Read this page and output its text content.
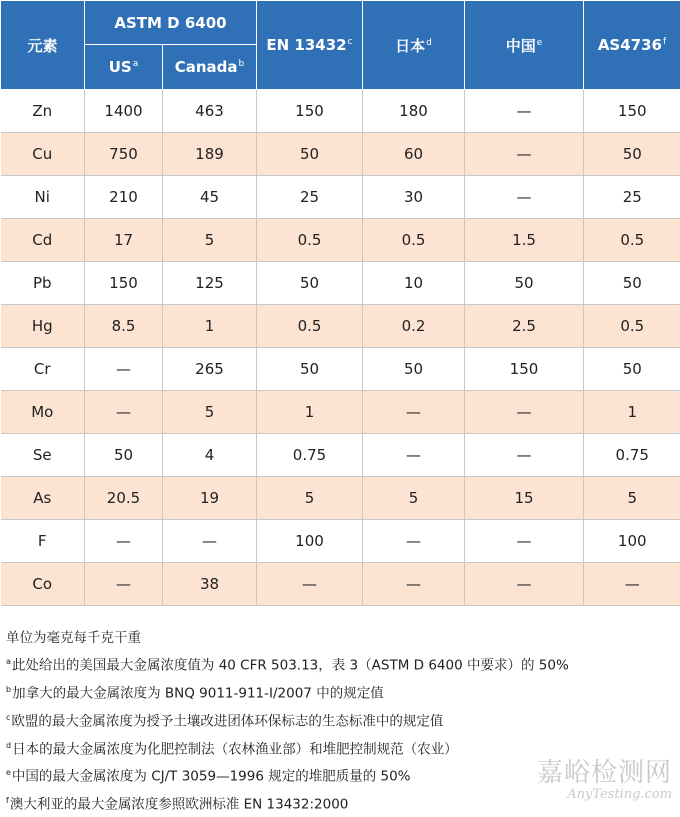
元素	ASTM D 6400		EN 13432$^c$	日本$^d$	中国$^e$	AS4736$^f$
	$US^a$	Canada$^b$
Zn	1400	463	150	180	—	150
Cu	750	189	50	60	—	50
Ni	210	45	25	30	—	25
Cd	17	5	0.5	0.5	1.5	0.5
Pb	150	125	50	10	50	50
Hg	8.5	1	0.5	0.2	2.5	0.5
Cr	—	265	50	50	150	50
Mo	—	5	1	—	—	1
Se	50	4	0.75	—	—	0.75
As	20.5	19	5	5	15	5
F	—	—	100	—	—	100
Co	—	38	—	—	—	—
单位为毫克每千克干重
$^a$此处给出的美国最大金属浓度值为 40 CFR 503.13，表 3（ASTM D 6400 中要求）的 50%
$^b$加拿大的最大金属浓度为 BNQ 9011-911-I/2007 中的规定值
$^c$欧盟的最大金属浓度为授予土壤改进团体环保标志的生态标准中的规定值
$^d$日本的最大金属浓度为化肥控制法（农林渔业部）和堆肥控制规范（农业）
$^e$中国的最大金属浓度为 CJ/T 3059—1996 规定的堆肥质量的 50%
$^f$澳大利亚的最大金属浓度参照欧洲标准 EN 13432:2000
嘉峪检测网
AnyTesting.com
